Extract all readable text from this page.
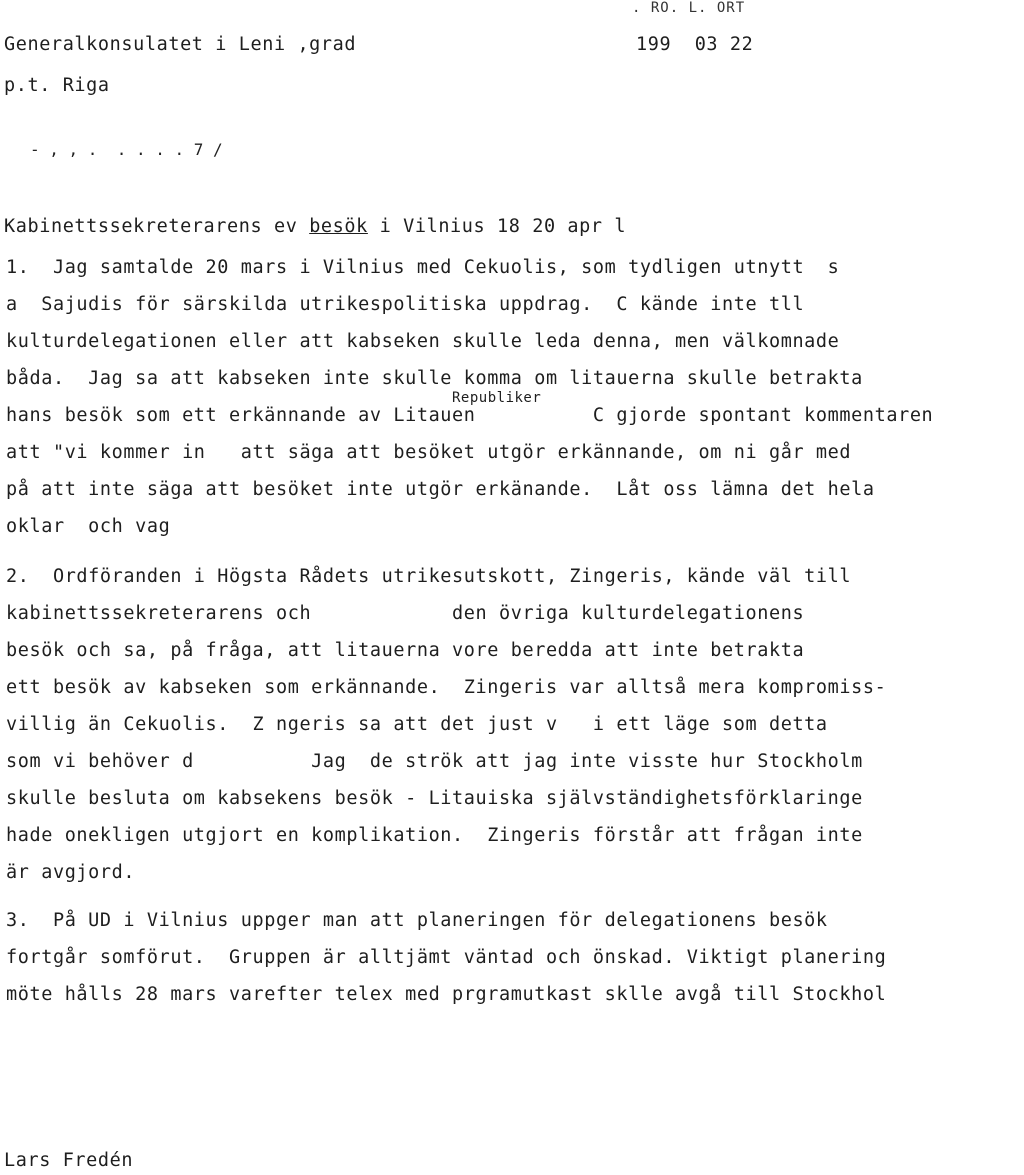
. RO. L. ORT
Generalkonsulatet i Leni ,grad	199  03 22
p.t. Riga
- , , .  . . . . 7 /

Kabinettssekreterarens ev besök i Vilnius 18 20 apr l

1.  Jag samtalde 20 mars i Vilnius med Cekuolis, som tydligen utnytt  s
a  Sajudis för särskilda utrikespolitiska uppdrag.  C kände inte tll
kulturdelegationen eller att kabseken skulle leda denna, men välkomnade
båda.  Jag sa att kabseken inte skulle komma om litauerna skulle betrakta
Republiker
hans besök som ett erkännande av Litauen          C gjorde spontant kommentaren
att "vi kommer in   att säga att besöket utgör erkännande, om ni går med
på att inte säga att besöket inte utgör erkänande.  Låt oss lämna det hela
oklar  och vag
2.  Ordföranden i Högsta Rådets utrikesutskott, Zingeris, kände väl till
kabinettssekreterarens och            den övriga kulturdelegationens
besök och sa, på fråga, att litauerna vore beredda att inte betrakta
ett besök av kabseken som erkännande.  Zingeris var alltså mera kompromiss-
villig än Cekuolis.  Z ngeris sa att det just v   i ett läge som detta
som vi behöver d          Jag  de strök att jag inte visste hur Stockholm
skulle besluta om kabsekens besök - Litauiska självständighetsförklaringe
hade onekligen utgjort en komplikation.  Zingeris förstår att frågan inte
är avgjord.
3.  På UD i Vilnius uppger man att planeringen för delegationens besök
fortgår somförut.  Gruppen är alltjämt väntad och önskad. Viktigt planering
möte hålls 28 mars varefter telex med prgramutkast sklle avgå till Stockhol
Lars Fredén
